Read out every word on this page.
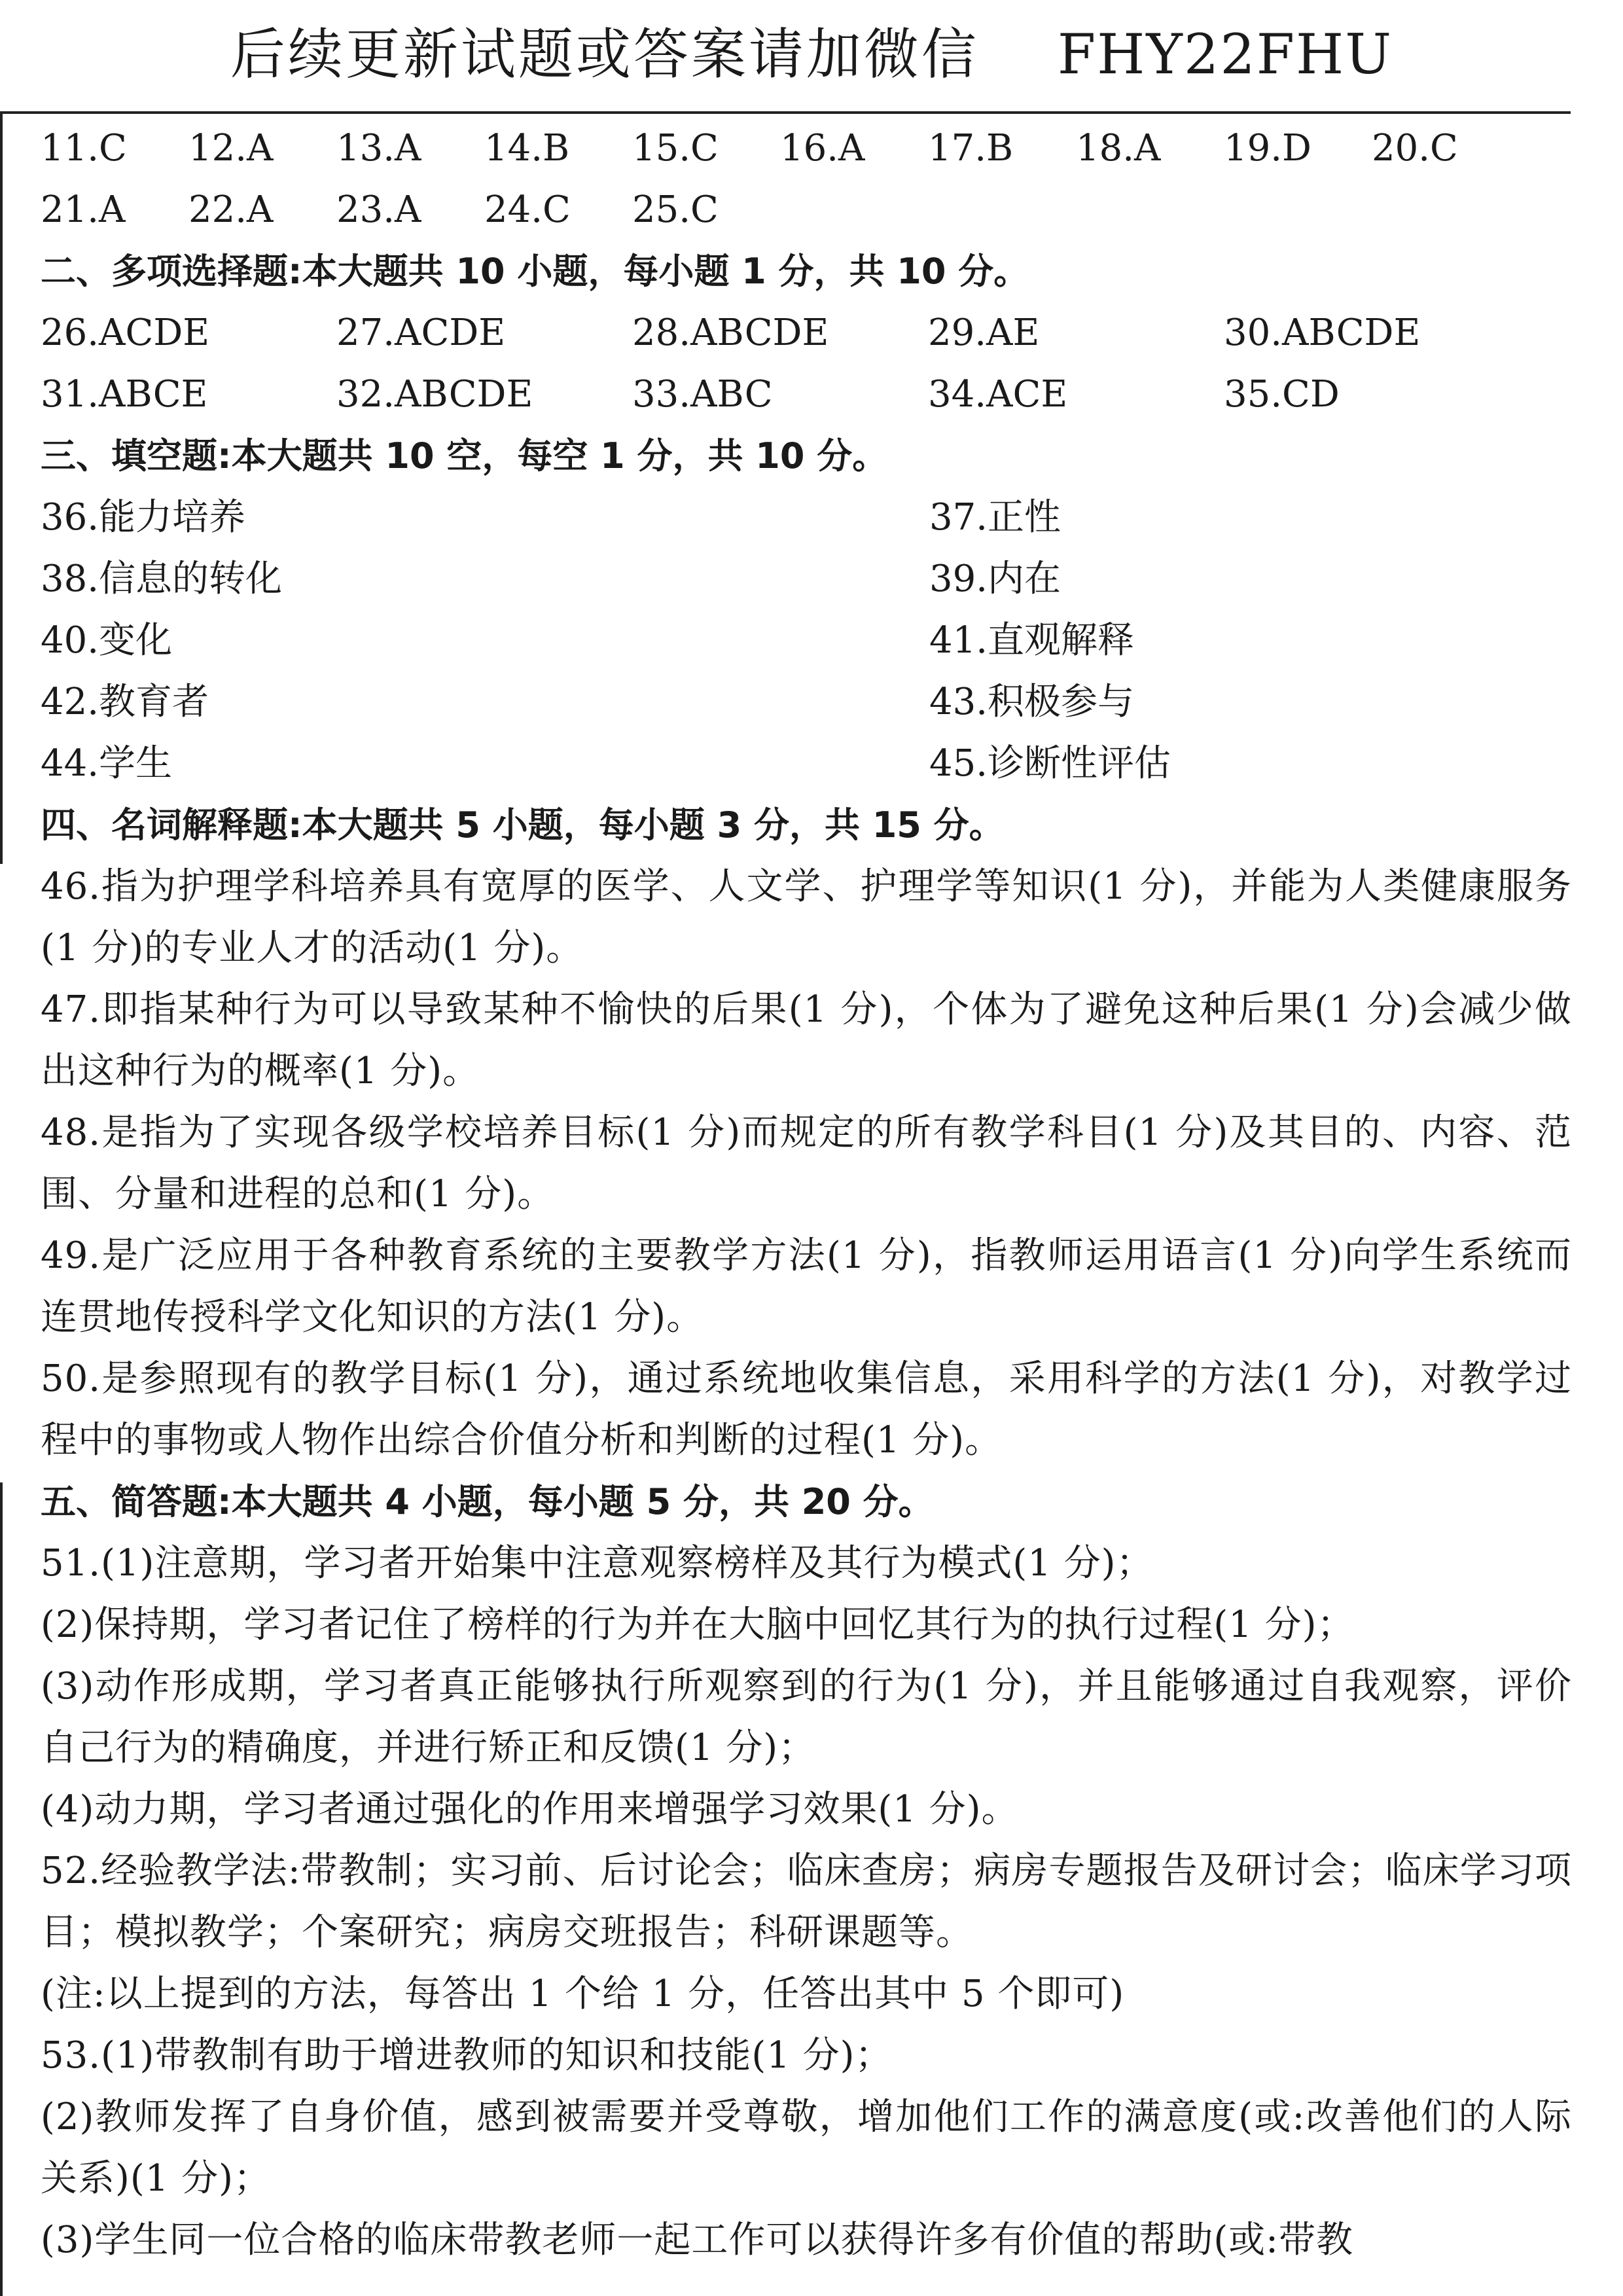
后续更新试题或答案请加微信 FHY22FHU
11.C	12.A	13.A	14.B	15.C	16.A	17.B	18.A	19.D	20.C
21.A	22.A	23.A	24.C	25.C
二、多项选择题:本大题共 10 小题，每小题 1 分，共 10 分。
26.ACDE	27.ACDE	28.ABCDE	29.AE	30.ABCDE
31.ABCE	32.ABCDE	33.ABC	34.ACE	35.CD
三、填空题:本大题共 10 空，每空 1 分，共 10 分。
36.能力培养	37.正性
38.信息的转化	39.内在
40.变化	41.直观解释
42.教育者	43.积极参与
44.学生	45.诊断性评估
四、名词解释题:本大题共 5 小题，每小题 3 分，共 15 分。
46.指为护理学科培养具有宽厚的医学、人文学、护理学等知识(1 分)，并能为人类健康服务(1 分)的专业人才的活动(1 分)。
47.即指某种行为可以导致某种不愉快的后果(1 分)，个体为了避免这种后果(1 分)会减少做出这种行为的概率(1 分)。
48.是指为了实现各级学校培养目标(1 分)而规定的所有教学科目(1 分)及其目的、内容、范围、分量和进程的总和(1 分)。
49.是广泛应用于各种教育系统的主要教学方法(1 分)，指教师运用语言(1 分)向学生系统而连贯地传授科学文化知识的方法(1 分)。
50.是参照现有的教学目标(1 分)，通过系统地收集信息，采用科学的方法(1 分)，对教学过程中的事物或人物作出综合价值分析和判断的过程(1 分)。
五、简答题:本大题共 4 小题，每小题 5 分，共 20 分。
51.(1)注意期，学习者开始集中注意观察榜样及其行为模式(1 分)；
(2)保持期，学习者记住了榜样的行为并在大脑中回忆其行为的执行过程(1 分)；
(3)动作形成期，学习者真正能够执行所观察到的行为(1 分)，并且能够通过自我观察，评价自己行为的精确度，并进行矫正和反馈(1 分)；
(4)动力期，学习者通过强化的作用来增强学习效果(1 分)。
52.经验教学法:带教制；实习前、后讨论会；临床查房；病房专题报告及研讨会；临床学习项目；模拟教学；个案研究；病房交班报告；科研课题等。
(注:以上提到的方法，每答出 1 个给 1 分，任答出其中 5 个即可)
53.(1)带教制有助于增进教师的知识和技能(1 分)；
(2)教师发挥了自身价值，感到被需要并受尊敬，增加他们工作的满意度(或:改善他们的人际关系)(1 分)；
(3)学生同一位合格的临床带教老师一起工作可以获得许多有价值的帮助(或:带教
